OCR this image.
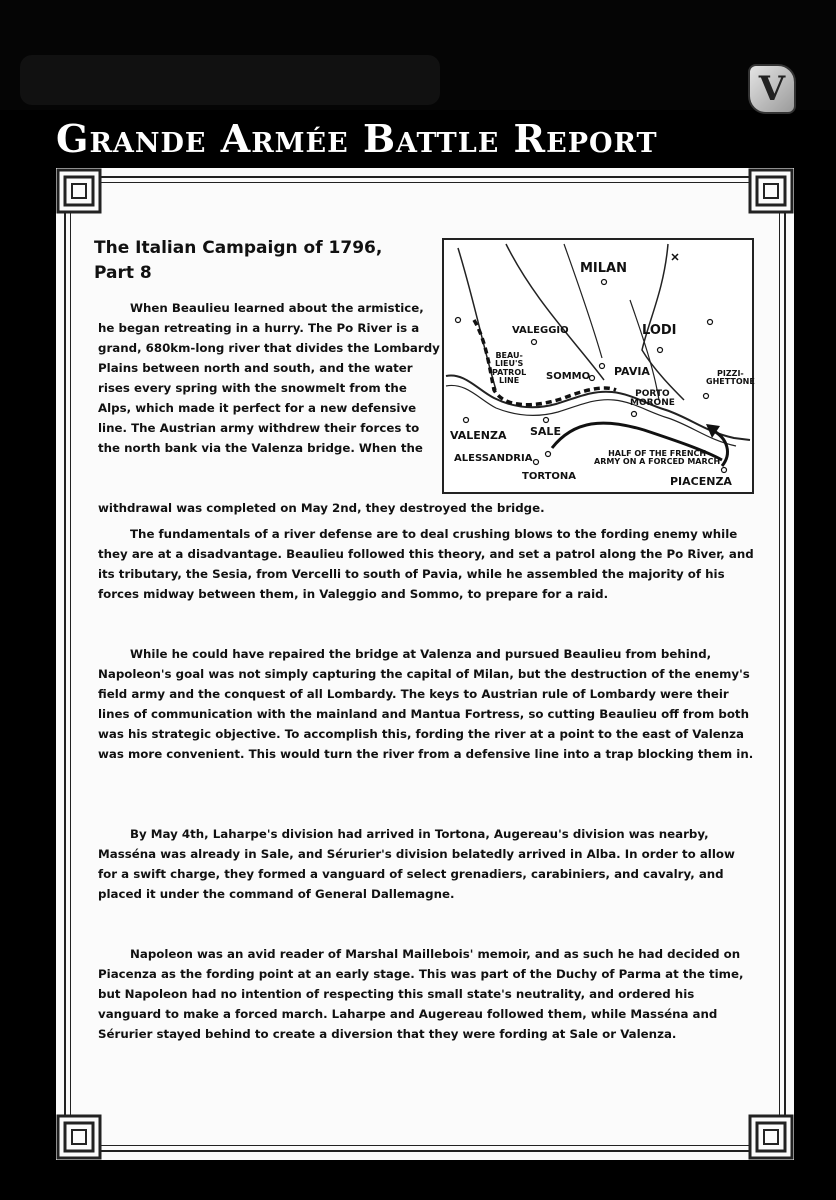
V
Grande Armée Battle Report
The Italian Campaign of 1796, Part 8

When Beaulieu learned about the armistice, he began retreating in a hurry. The Po River is a grand, 680km-long river that divides the Lombardy Plains between north and south, and the water rises every spring with the snowmelt from the Alps, which made it perfect for a new defensive line. The Austrian army withdrew their forces to the north bank via the Valenza bridge. When the

withdrawal was completed on May 2nd, they destroyed the bridge.

The fundamentals of a river defense are to deal crushing blows to the fording enemy while they are at a disadvantage. Beaulieu followed this theory, and set a patrol along the Po River, and its tributary, the Sesia, from Vercelli to south of Pavia, while he assembled the majority of his forces midway between them, in Valeggio and Sommo, to prepare for a raid.

While he could have repaired the bridge at Valenza and pursued Beaulieu from behind, Napoleon's goal was not simply capturing the capital of Milan, but the destruction of the enemy's field army and the conquest of all Lombardy. The keys to Austrian rule of Lombardy were their lines of communication with the mainland and Mantua Fortress, so cutting Beaulieu off from both was his strategic objective. To accomplish this, fording the river at a point to the east of Valenza was more convenient. This would turn the river from a defensive line into a trap blocking them in.

By May 4th, Laharpe's division had arrived in Tortona, Augereau's division was nearby, Masséna was already in Sale, and Sérurier's division belatedly arrived in Alba. In order to allow for a swift charge, they formed a vanguard of select grenadiers, carabiniers, and cavalry, and placed it under the command of General Dallemagne.

Napoleon was an avid reader of Marshal Maillebois' memoir, and as such he had decided on Piacenza as the fording point at an early stage. This was part of the Duchy of Parma at the time, but Napoleon had no intention of respecting this small state's neutrality, and ordered his vanguard to make a forced march. Laharpe and Augereau followed them, while Masséna and Sérurier stayed behind to create a diversion that they were fording at Sale or Valenza.

MILAN
VALEGGIO	LODI
BEAU-
LIEU'S
PATROL
LINE	SOMMO PAVIA	PIZZI-
GHETTONE
PORTO
MORONE
VALENZA SALE
ALESSANDRIA
TORTONA
HALF OF THE FRENCH
ARMY ON A FORCED MARCH
PIACENZA
